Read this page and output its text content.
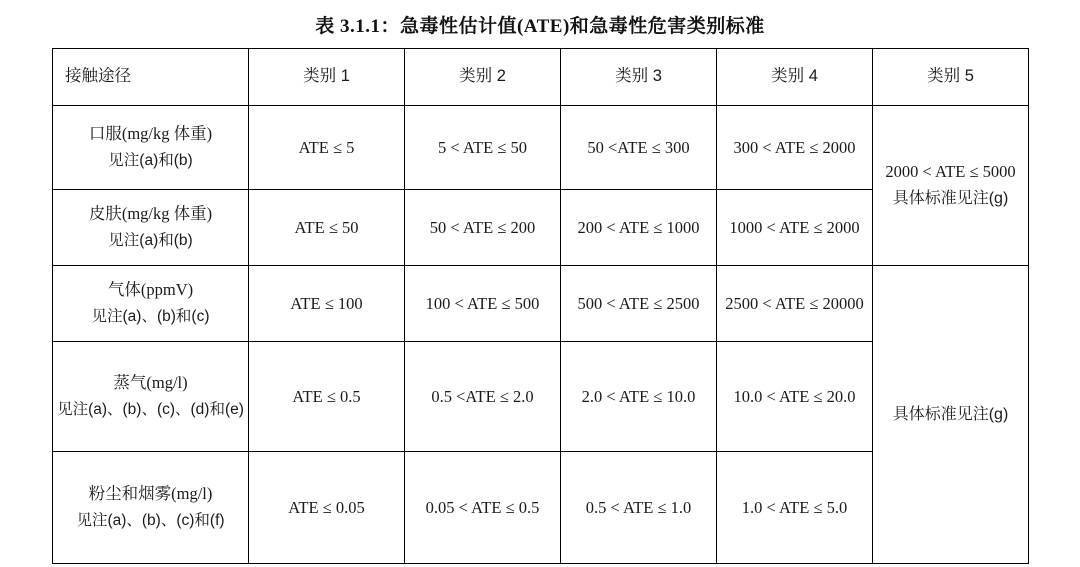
表 3.1.1：急毒性估计值(ATE)和急毒性危害类别标准
接触途径	类别 1	类别 2	类别 3	类别 4	类别 5
口服(mg/kg 体重)
见注(a)和(b)	ATE ≤ 5	5 < ATE ≤ 50	50 <ATE ≤ 300	300 < ATE ≤ 2000	2000 < ATE ≤ 5000
具体标准见注(g)
皮肤(mg/kg 体重)
见注(a)和(b)	ATE ≤ 50	50 < ATE ≤ 200	200 < ATE ≤ 1000	1000 < ATE ≤ 2000	
气体(ppmV)
见注(a)、(b)和(c)	ATE ≤ 100	100 < ATE ≤ 500	500 < ATE ≤ 2500	2500 < ATE ≤ 20000	具体标准见注(g)
蒸气(mg/l)
见注(a)、(b)、(c)、(d)和(e)	ATE ≤ 0.5	0.5 <ATE ≤ 2.0	2.0 < ATE ≤ 10.0	10.0 < ATE ≤ 20.0	
粉尘和烟雾(mg/l)
见注(a)、(b)、(c)和(f)	ATE ≤ 0.05	0.05 < ATE ≤ 0.5	0.5 < ATE ≤ 1.0	1.0 < ATE ≤ 5.0	
